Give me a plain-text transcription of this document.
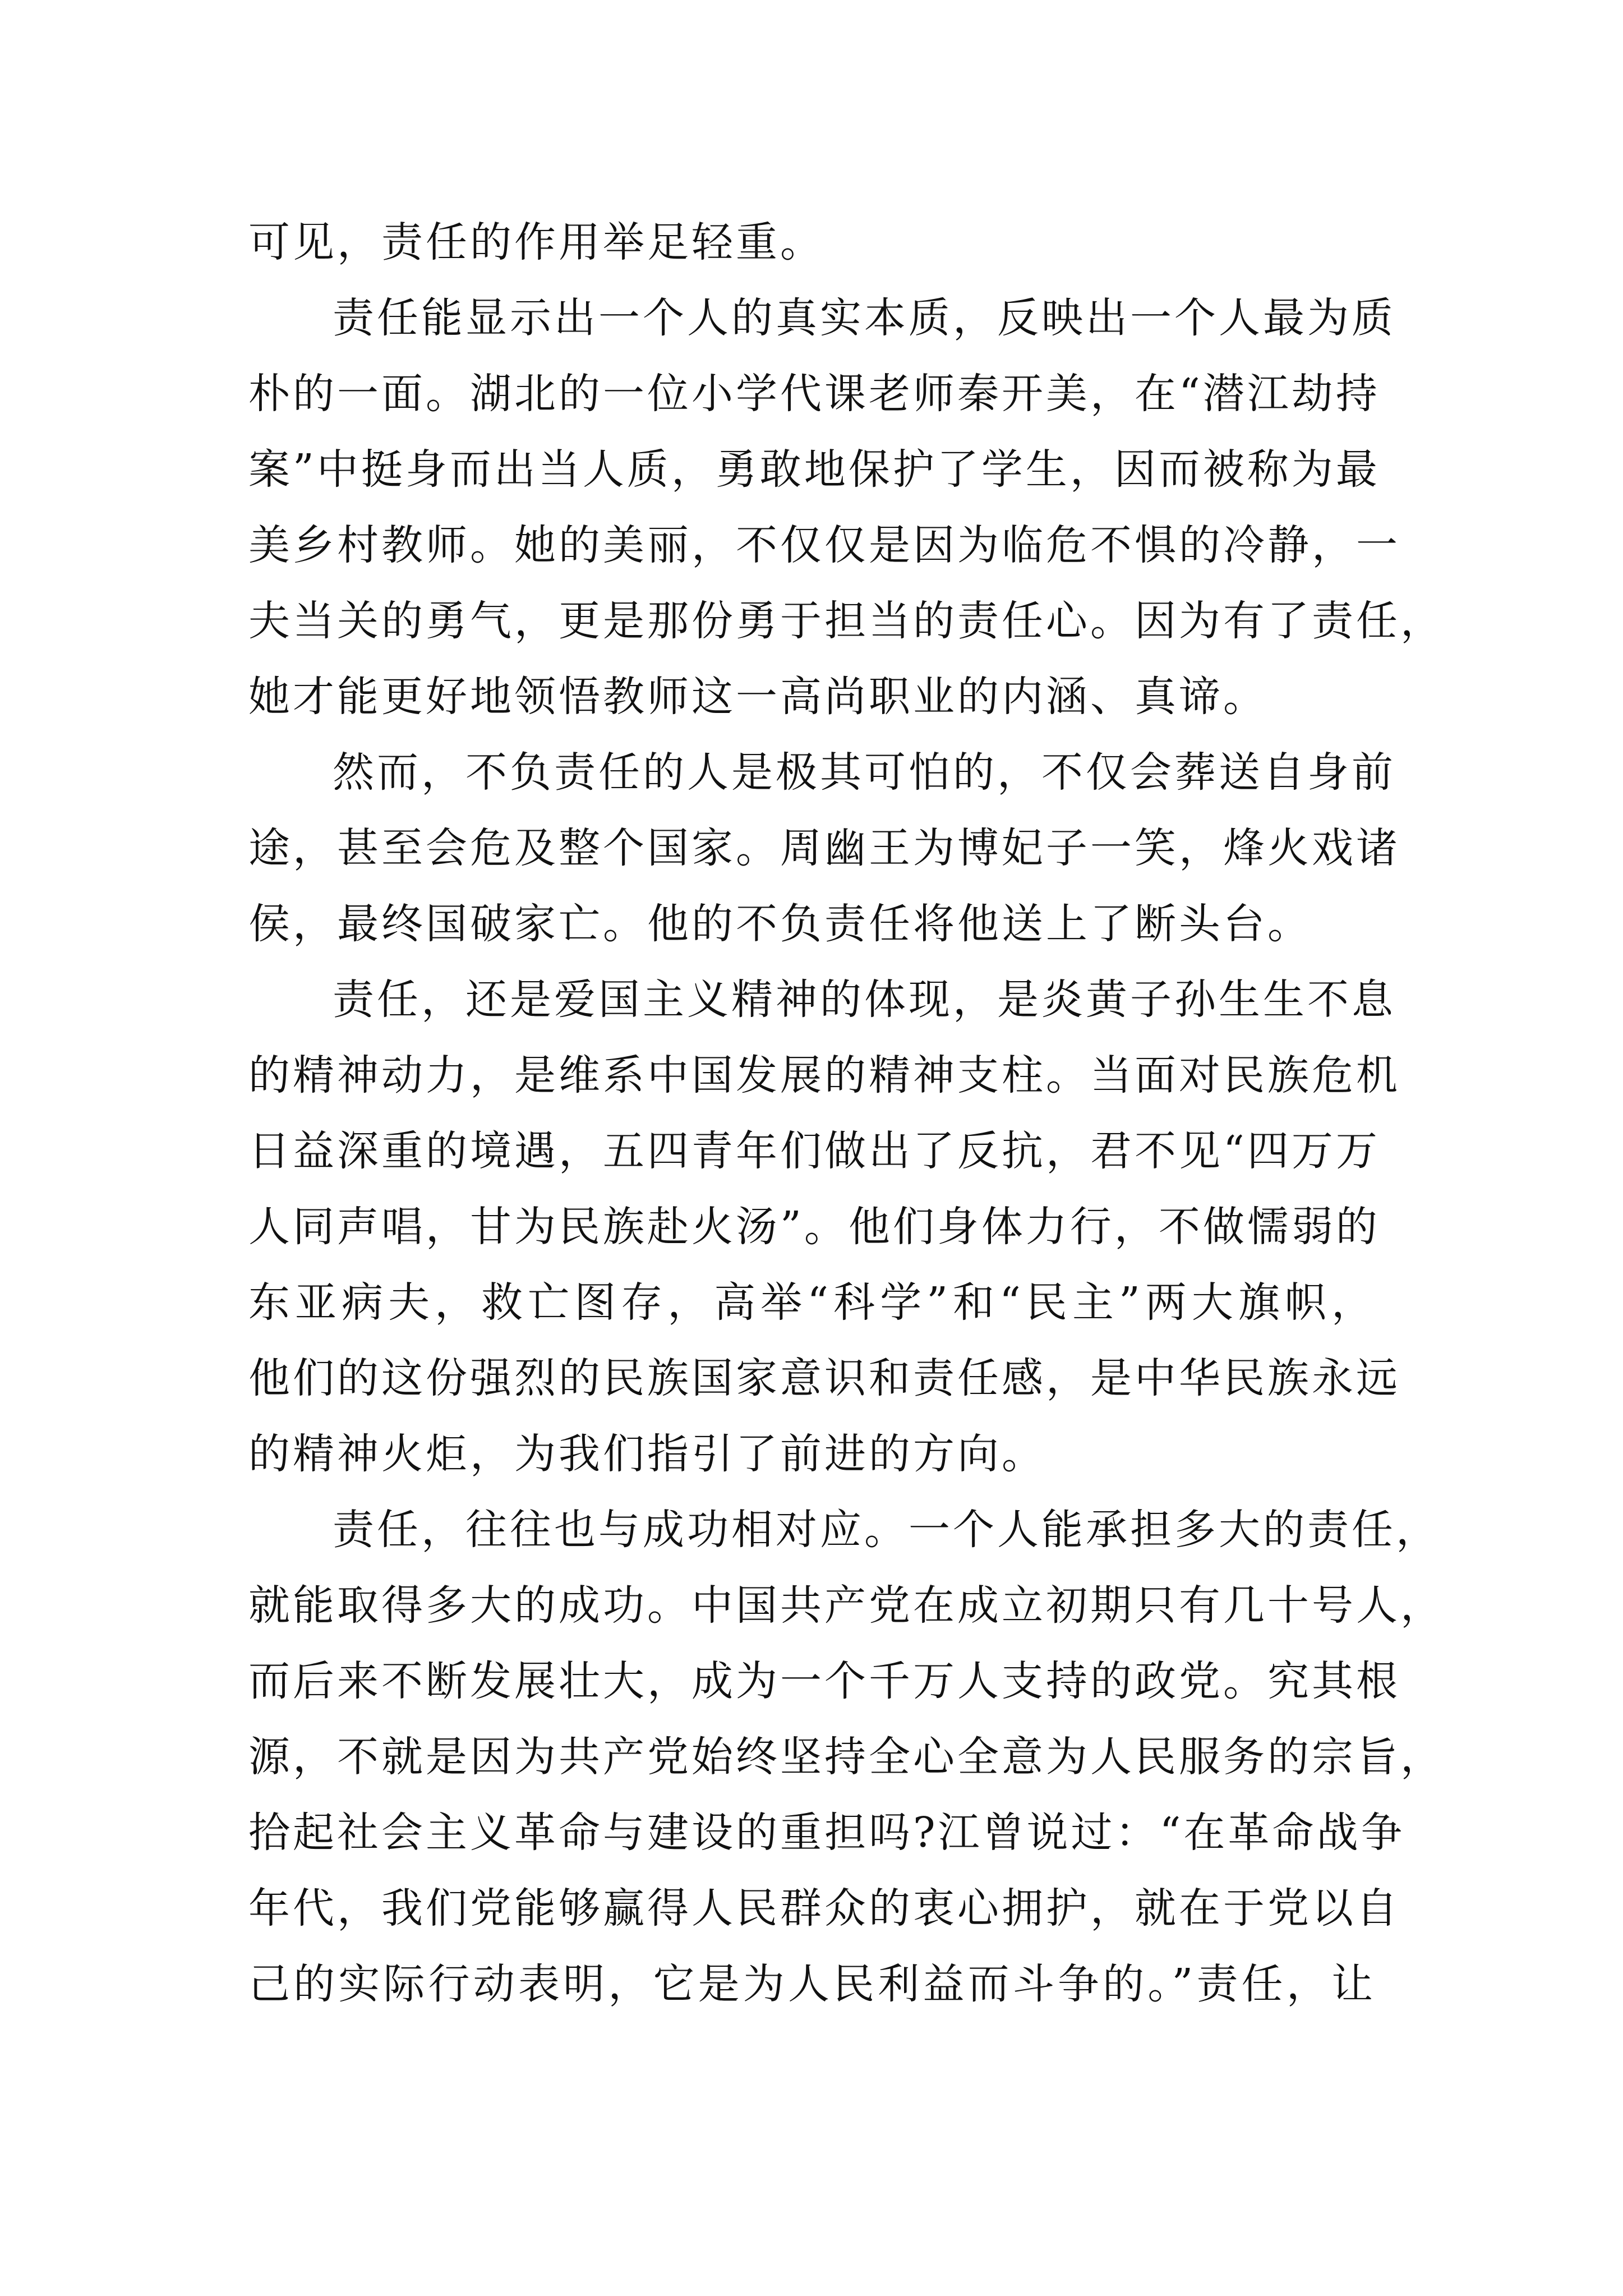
可见，责任的作用举足轻重。
责任能显示出一个人的真实本质，反映出一个人最为质
朴的一面。湖北的一位小学代课老师秦开美，在“潜江劫持
案”中挺身而出当人质，勇敢地保护了学生，因而被称为最
美乡村教师。她的美丽，不仅仅是因为临危不惧的冷静，一
夫当关的勇气，更是那份勇于担当的责任心。因为有了责任，
她才能更好地领悟教师这一高尚职业的内涵、真谛。
然而，不负责任的人是极其可怕的，不仅会葬送自身前
途，甚至会危及整个国家。周幽王为博妃子一笑，烽火戏诸
侯，最终国破家亡。他的不负责任将他送上了断头台。
责任，还是爱国主义精神的体现，是炎黄子孙生生不息
的精神动力，是维系中国发展的精神支柱。当面对民族危机
日益深重的境遇，五四青年们做出了反抗，君不见“四万万
人同声唱，甘为民族赴火汤”。他们身体力行，不做懦弱的
东亚病夫，救亡图存，高举“科学”和“民主”两大旗帜，
他们的这份强烈的民族国家意识和责任感，是中华民族永远
的精神火炬，为我们指引了前进的方向。
责任，往往也与成功相对应。一个人能承担多大的责任，
就能取得多大的成功。中国共产党在成立初期只有几十号人，
而后来不断发展壮大，成为一个千万人支持的政党。究其根
源，不就是因为共产党始终坚持全心全意为人民服务的宗旨，
拾起社会主义革命与建设的重担吗?江曾说过：“在革命战争
年代，我们党能够赢得人民群众的衷心拥护，就在于党以自
己的实际行动表明，它是为人民利益而斗争的。”责任，让
